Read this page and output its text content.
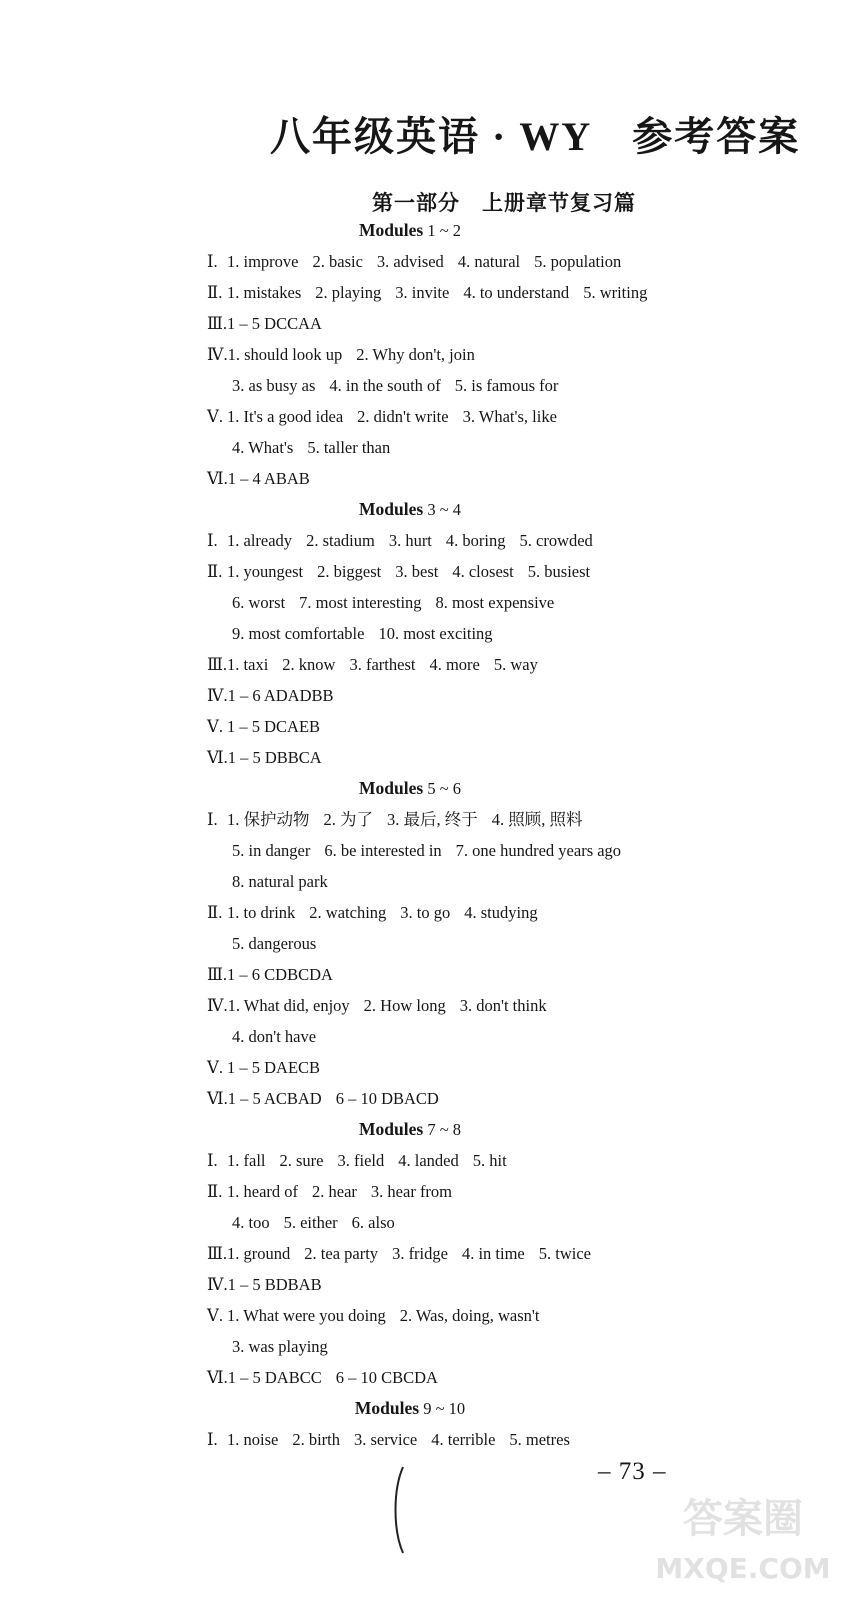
八年级英语 · WY 参考答案
第一部分 上册章节复习篇
Modules 1 ~ 2
Ⅰ. 1. improve 2. basic 3. advised 4. natural 5. population
Ⅱ. 1. mistakes 2. playing 3. invite 4. to understand 5. writing
Ⅲ.1 – 5 DCCAA
Ⅳ.1. should look up 2. Why don't, join
3. as busy as 4. in the south of 5. is famous for
Ⅴ. 1. It's a good idea 2. didn't write 3. What's, like
4. What's 5. taller than
Ⅵ.1 – 4 ABAB
Modules 3 ~ 4
Ⅰ. 1. already 2. stadium 3. hurt 4. boring 5. crowded
Ⅱ. 1. youngest 2. biggest 3. best 4. closest 5. busiest
6. worst 7. most interesting 8. most expensive
9. most comfortable 10. most exciting
Ⅲ.1. taxi 2. know 3. farthest 4. more 5. way
Ⅳ.1 – 6 ADADBB
Ⅴ. 1 – 5 DCAEB
Ⅵ.1 – 5 DBBCA
Modules 5 ~ 6
Ⅰ. 1. 保护动物 2. 为了 3. 最后, 终于 4. 照顾, 照料
5. in danger 6. be interested in 7. one hundred years ago
8. natural park
Ⅱ. 1. to drink 2. watching 3. to go 4. studying
5. dangerous
Ⅲ.1 – 6 CDBCDA
Ⅳ.1. What did, enjoy 2. How long 3. don't think
4. don't have
Ⅴ. 1 – 5 DAECB
Ⅵ.1 – 5 ACBAD 6 – 10 DBACD
Modules 7 ~ 8
Ⅰ. 1. fall 2. sure 3. field 4. landed 5. hit
Ⅱ. 1. heard of 2. hear 3. hear from
4. too 5. either 6. also
Ⅲ.1. ground 2. tea party 3. fridge 4. in time 5. twice
Ⅳ.1 – 5 BDBAB
Ⅴ. 1. What were you doing 2. Was, doing, wasn't
3. was playing
Ⅵ.1 – 5 DABCC 6 – 10 CBCDA
Modules 9 ~ 10
Ⅰ. 1. noise 2. birth 3. service 4. terrible 5. metres
– 73 –
答案圈
MXQE.COM
